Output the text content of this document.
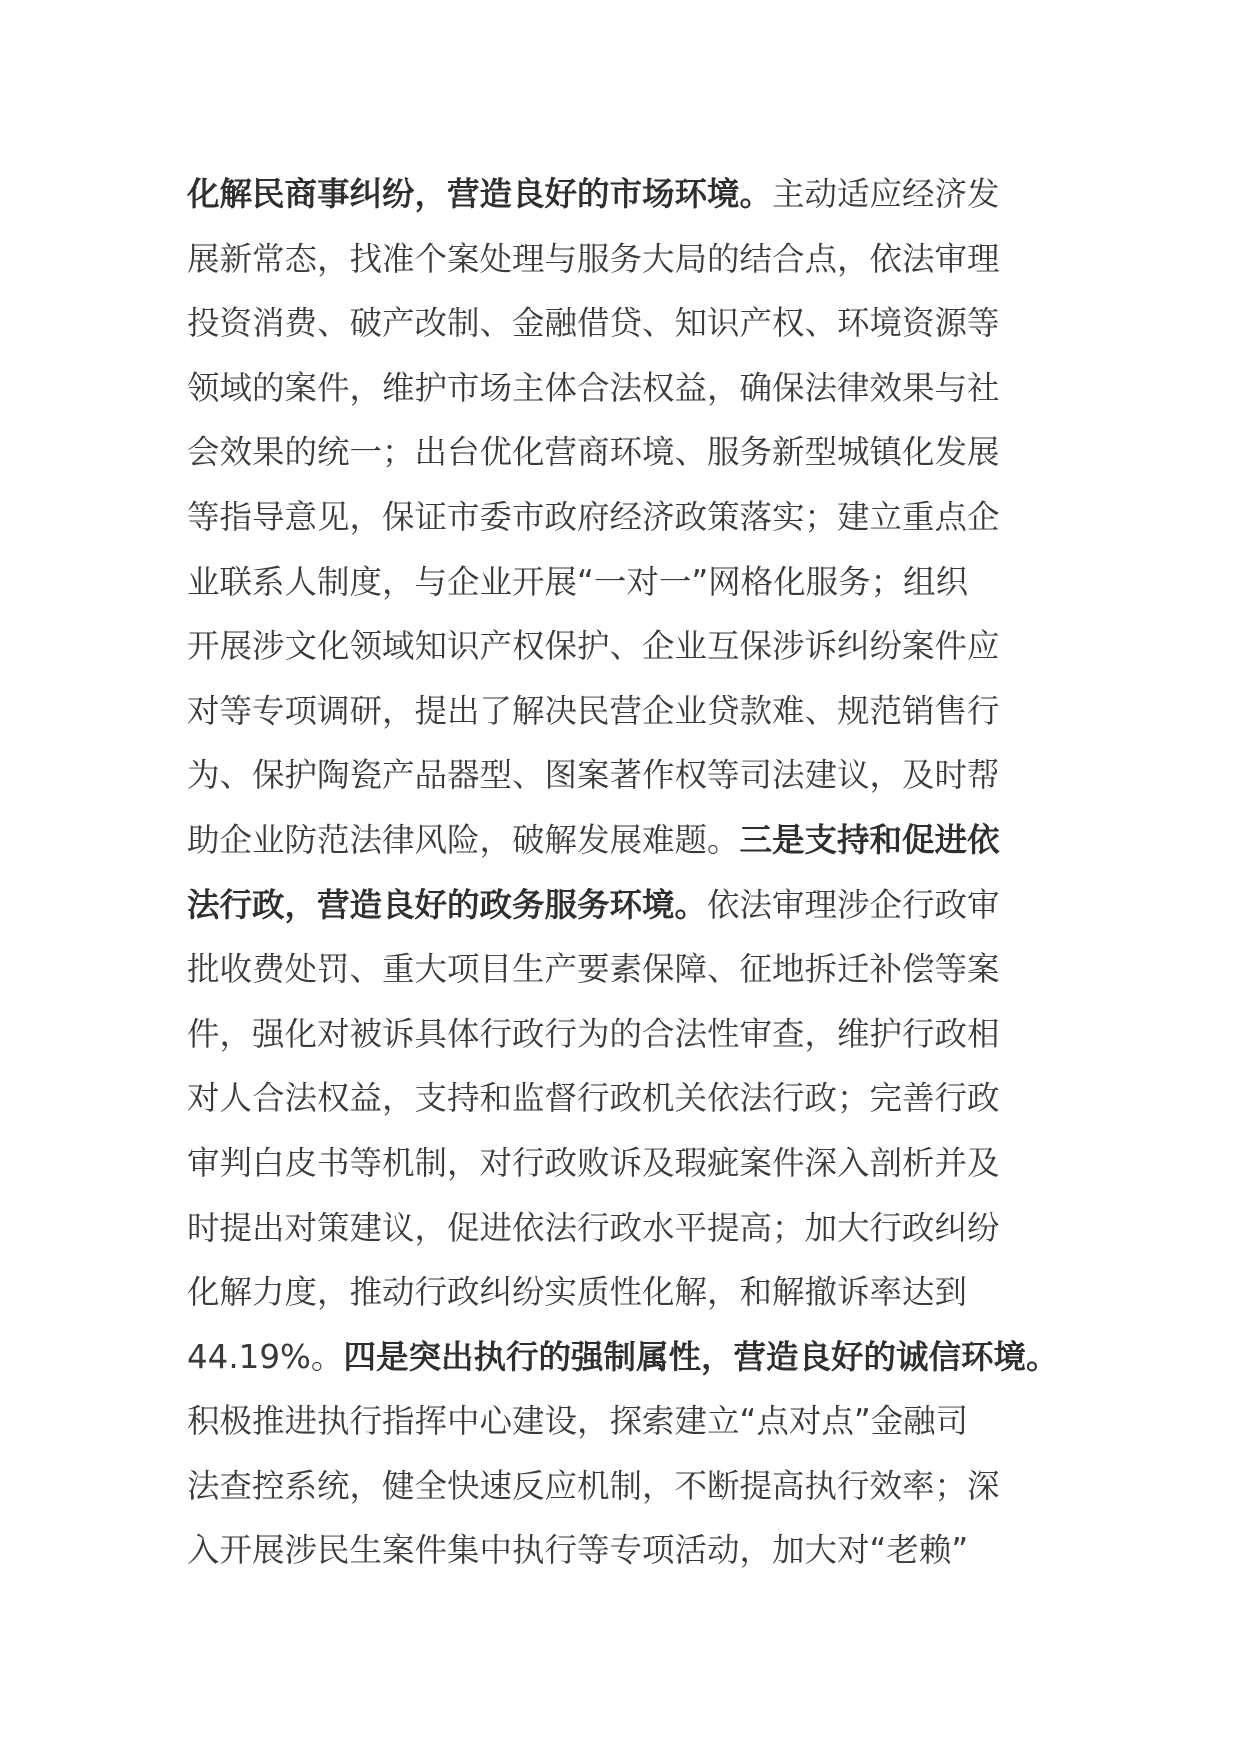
化解民商事纠纷，营造良好的市场环境。主动适应经济发
展新常态，找准个案处理与服务大局的结合点，依法审理
投资消费、破产改制、金融借贷、知识产权、环境资源等
领域的案件，维护市场主体合法权益，确保法律效果与社
会效果的统一；出台优化营商环境、服务新型城镇化发展
等指导意见，保证市委市政府经济政策落实；建立重点企
业联系人制度，与企业开展“一对一”网格化服务；组织
开展涉文化领域知识产权保护、企业互保涉诉纠纷案件应
对等专项调研，提出了解决民营企业贷款难、规范销售行
为、保护陶瓷产品器型、图案著作权等司法建议，及时帮
助企业防范法律风险，破解发展难题。三是支持和促进依
法行政，营造良好的政务服务环境。依法审理涉企行政审
批收费处罚、重大项目生产要素保障、征地拆迁补偿等案
件，强化对被诉具体行政行为的合法性审查，维护行政相
对人合法权益，支持和监督行政机关依法行政；完善行政
审判白皮书等机制，对行政败诉及瑕疵案件深入剖析并及
时提出对策建议，促进依法行政水平提高；加大行政纠纷
化解力度，推动行政纠纷实质性化解，和解撤诉率达到
44.19%。四是突出执行的强制属性，营造良好的诚信环境。
积极推进执行指挥中心建设，探索建立“点对点”金融司
法查控系统，健全快速反应机制，不断提高执行效率；深
入开展涉民生案件集中执行等专项活动，加大对“老赖”
